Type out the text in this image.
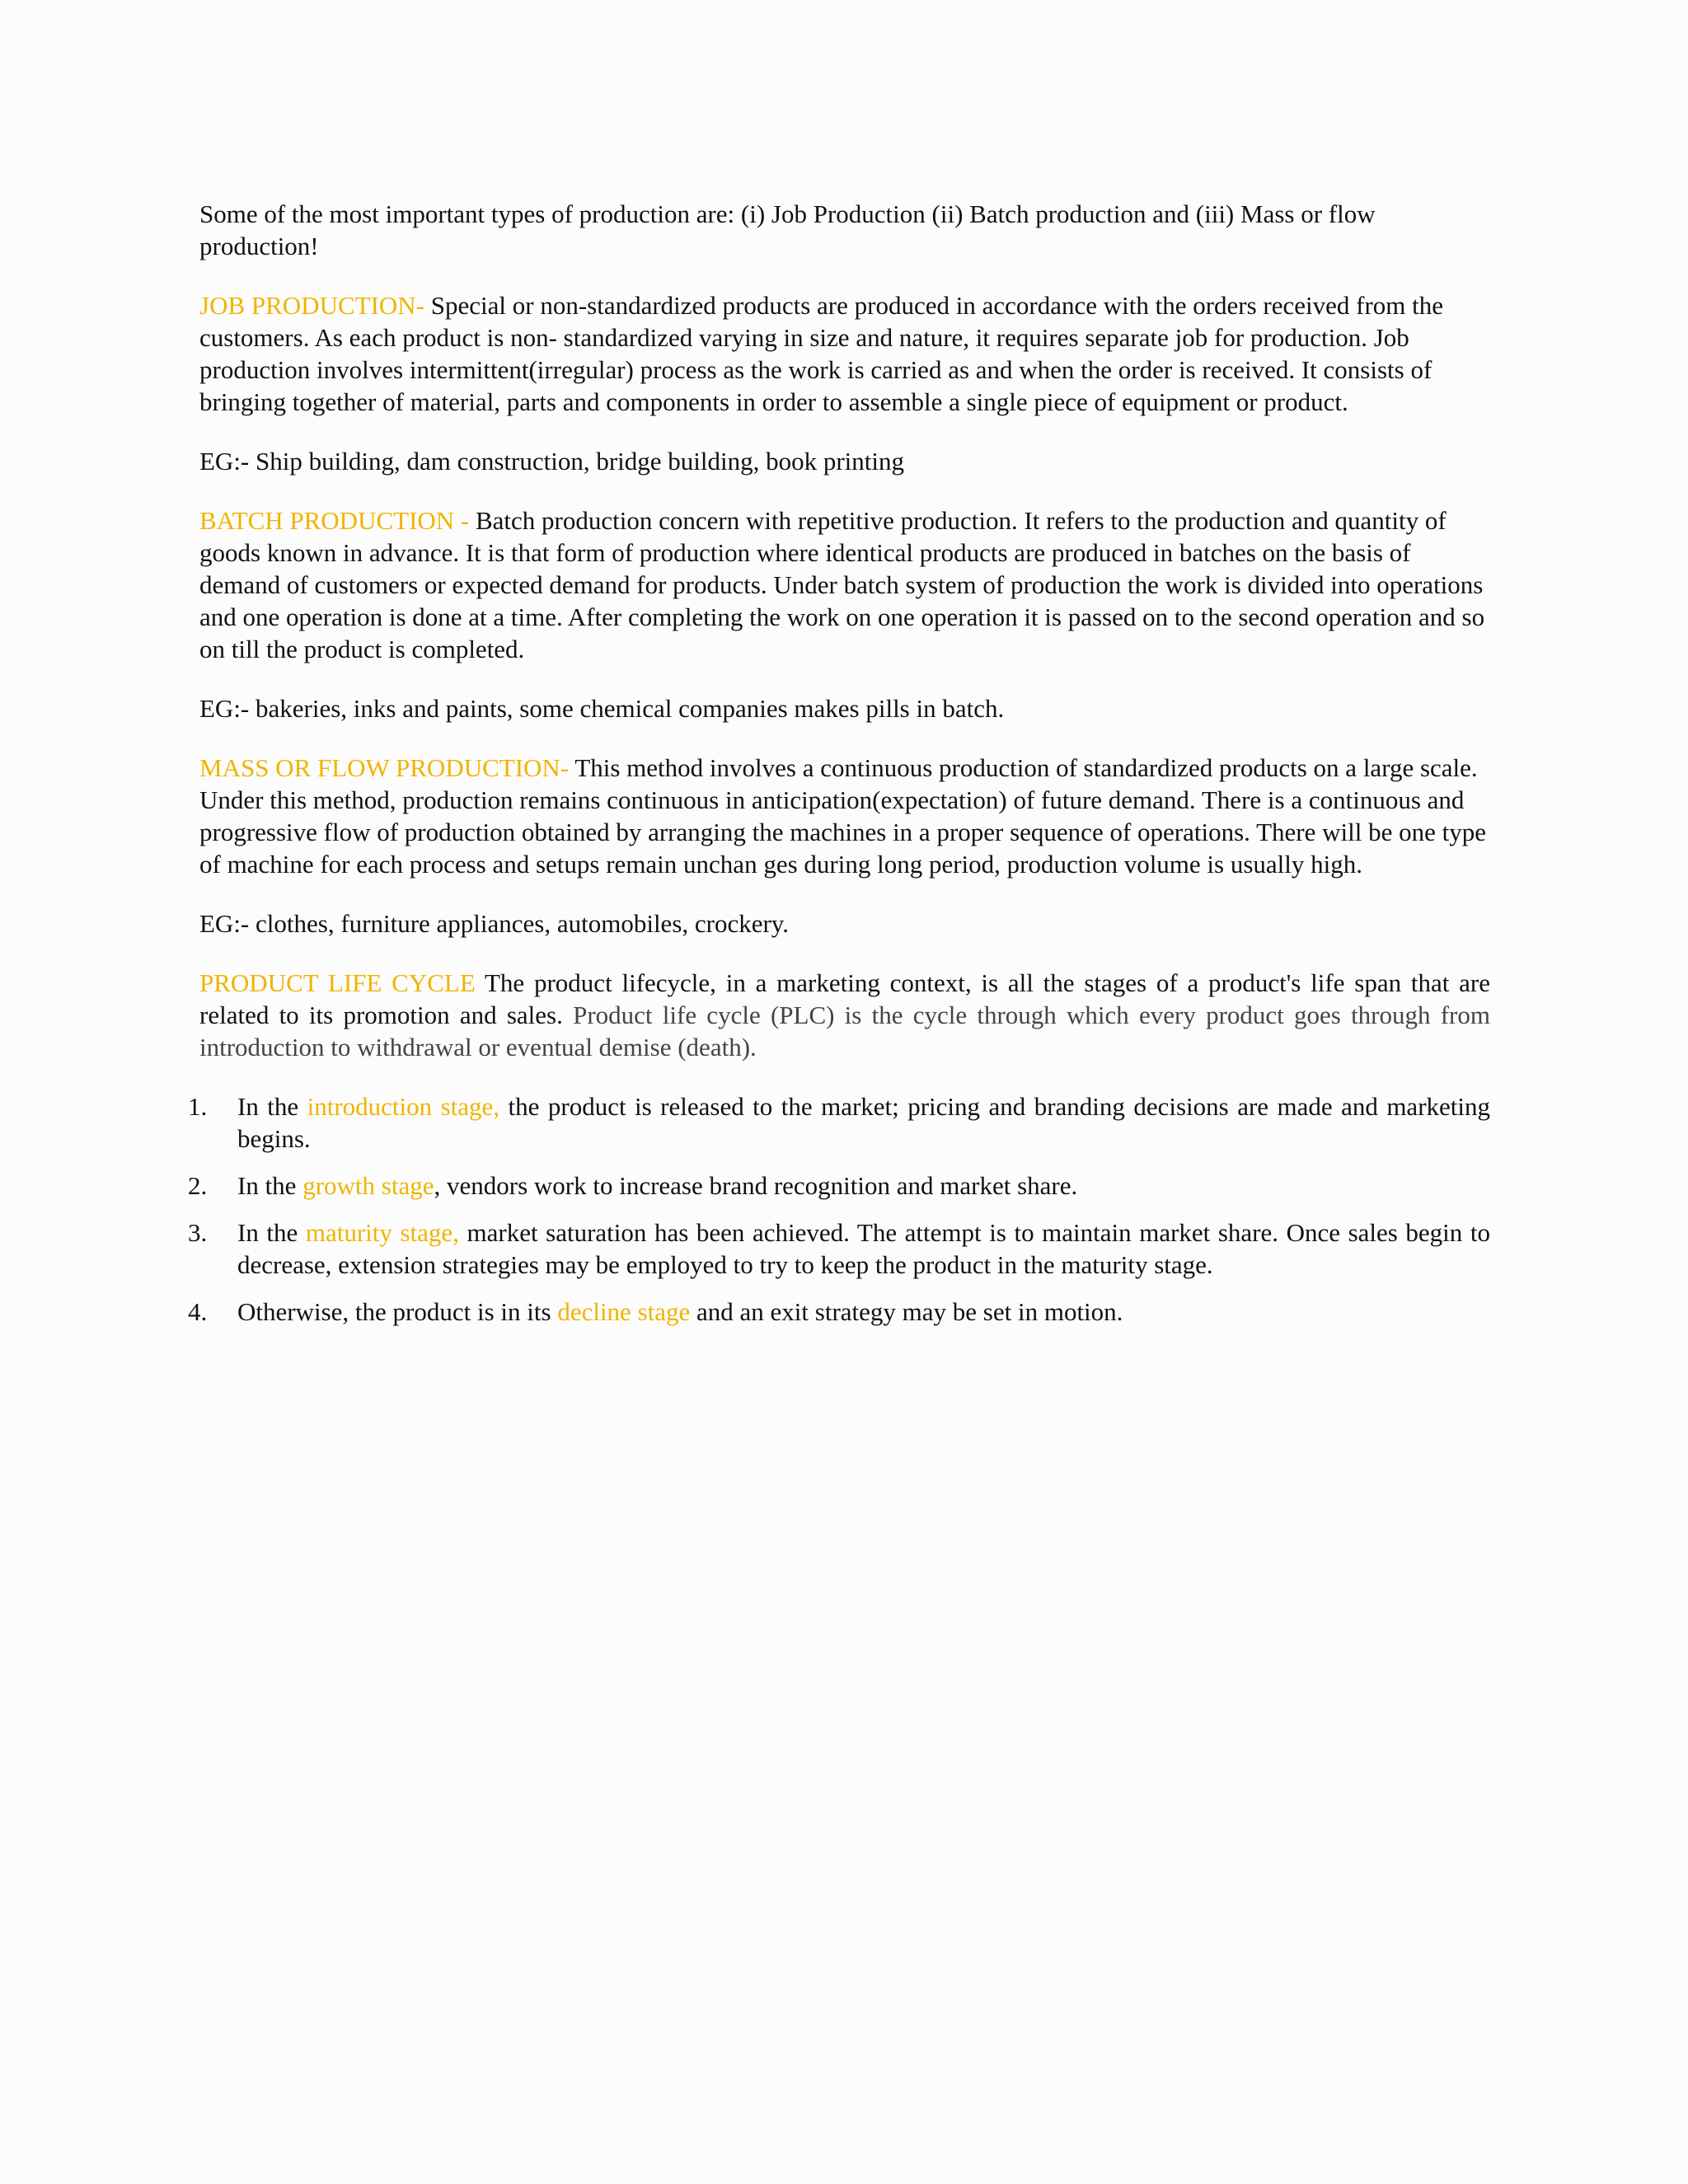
Some of the most important types of production are: (i) Job Production (ii) Batch production and (iii) Mass or flow production!

JOB PRODUCTION- Special or non-standardized products are produced in accordance with the orders received from the customers. As each product is non- standardized varying in size and nature, it requires separate job for production. Job production involves intermittent(irregular) process as the work is carried as and when the order is received. It consists of bringing together of material, parts and components in order to assemble a single piece of equipment or product.

EG:- Ship building, dam construction, bridge building, book printing

BATCH PRODUCTION - Batch production concern with repetitive production. It refers to the production and quantity of goods known in advance. It is that form of production where identical products are produced in batches on the basis of demand of customers or expected demand for products. Under batch system of production the work is divided into operations and one operation is done at a time. After completing the work on one operation it is passed on to the second operation and so on till the product is completed.

EG:- bakeries, inks and paints, some chemical companies makes pills in batch.

MASS OR FLOW PRODUCTION- This method involves a continuous production of standardized products on a large scale. Under this method, production remains continuous in anticipation(expectation) of future demand. There is a continuous and progressive flow of production obtained by arranging the machines in a proper sequence of operations. There will be one type of machine for each process and setups remain unchan ges during long period, production volume is usually high.

EG:- clothes, furniture appliances, automobiles, crockery.

PRODUCT LIFE CYCLE The product lifecycle, in a marketing context, is all the stages of a product's life span that are related to its promotion and sales. Product life cycle (PLC) is the cycle through which every product goes through from introduction to withdrawal or eventual demise (death).

1. In the introduction stage, the product is released to the market; pricing and branding decisions are made and marketing begins.
2. In the growth stage, vendors work to increase brand recognition and market share.
3. In the maturity stage, market saturation has been achieved. The attempt is to maintain market share. Once sales begin to decrease, extension strategies may be employed to try to keep the product in the maturity stage.
4. Otherwise, the product is in its decline stage and an exit strategy may be set in motion.
